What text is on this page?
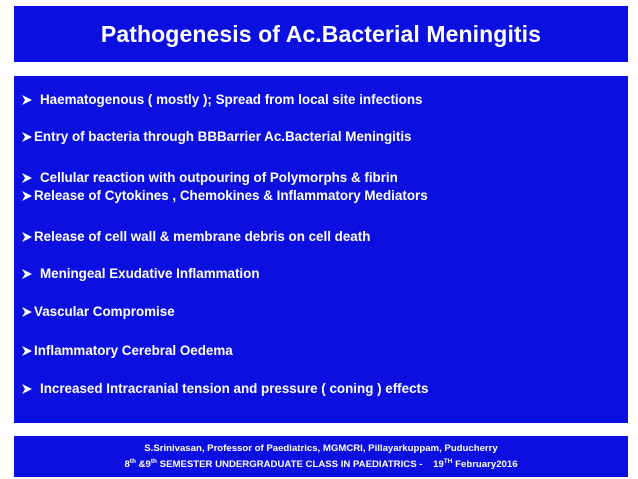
Pathogenesis of Ac.Bacterial Meningitis
Haematogenous ( mostly ); Spread from local site infections
Entry of bacteria through BBBarrier Ac.Bacterial Meningitis
Cellular reaction with outpouring of Polymorphs & fibrin
Release of Cytokines , Chemokines & Inflammatory Mediators
Release of cell wall & membrane debris on cell death
Meningeal Exudative Inflammation
Vascular Compromise
Inflammatory Cerebral Oedema
Increased Intracranial tension and pressure ( coning ) effects
S.Srinivasan, Professor of Paediatrics, MGMCRI, Pillayarkuppam, Puducherry
8th &9th SEMESTER UNDERGRADUATE CLASS IN PAEDIATRICS -    19TH February2016
